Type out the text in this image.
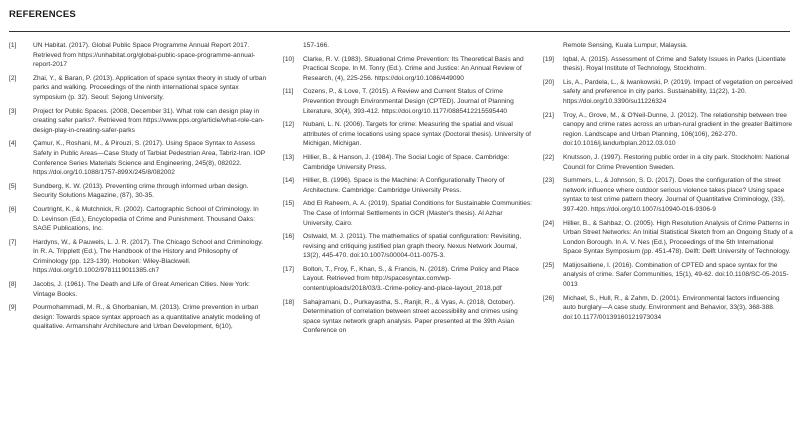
REFERENCES
[1]	UN Habitat. (2017). Global Public Space Programme Annual Report 2017. Retrieved from https://unhabitat.org/global-public-space-programme-annual-report-2017
[2]	Zhai, Y., & Baran, P. (2013). Application of space syntax theory in study of urban parks and walking. Proceedings of the ninth international space syntax symposium (p. 32). Seoul: Sejong University.
[3]	Project for Public Spaces. (2008, December 31). What role can design play in creating safer parks?. Retrieved from https://www.pps.org/article/what-role-can-design-play-in-creating-safer-parks
[4]	Çamur, K., Roshani, M., & Pirouzi, S. (2017). Using Space Syntax to Assess Safety in Public Areas—Case Study of Tarbiat Pedestrian Area, Tabriz-Iran. IOP Conference Series Materials Science and Engineering, 245(8), 082022. https://doi.org/10.1088/1757-899X/245/8/082002
[5]	Sundberg, K. W. (2013). Preventing crime through informed urban design. Security Solutions Magazine, (87), 30-35.
[6]	Courtright, K., & Mutchnick, R. (2002). Cartographic School of Criminology. In D. Levinson (Ed.), Encyclopedia of Crime and Punishment. Thousand Oaks: SAGE Publications, Inc.
[7]	Hardyns, W., & Pauwels, L. J. R. (2017). The Chicago School and Criminology. In R. A. Tripplett (Ed.), The Handbook of the History and Philosophy of Criminology (pp. 123-139). Hoboken: Wiley-Blackwell. https://doi.org/10.1002/9781119011385.ch7
[8]	Jacobs, J. (1961). The Death and Life of Great American Cities. New York: Vintage Books.
[9]	Pourmohammadi, M. R., & Ghorbanian, M. (2013). Crime prevention in urban design: Towards space syntax approach as a quantitative analytic modeling of qualitative. Armanshahr Architecture and Urban Development, 6(10),
157-166.
[10] Clarke, R. V. (1983). Situational Crime Prevention: Its Theoretical Basis and Practical Scope. In M. Tonry (Ed.). Crime and Justice: An Annual Review of Research, (4), 225-256. https://doi.org/10.1086/449090
[11] Cozens, P., & Love, T. (2015). A Review and Current Status of Crime Prevention through Environmental Design (CPTED). Journal of Planning Literature, 30(4), 393-412. https://doi.org/10.1177/0885412215595440
[12] Nubani, L. N. (2006). Targets for crime: Measuring the spatial and visual attributes of crime locations using space syntax (Doctoral thesis). University of Michigan, Michigan.
[13] Hillier, B., & Hanson, J. (1984). The Social Logic of Space. Cambridge: Cambridge University Press.
[14] Hillier, B. (1996). Space is the Machine: A Configurationally Theory of Architecture. Cambridge: Cambridge University Press.
[15] Abd El Raheem, A. A. (2019). Spatial Conditions for Sustainable Communities: The Case of Informal Settlements in GCR (Master's thesis). Al Azhar University, Cairo.
[16] Ostwald, M. J. (2011). The mathematics of spatial configuration: Revisiting, revising and critiquing justified plan graph theory. Nexus Network Journal, 13(2), 445-470. doi:10.1007/s00004-011-0075-3.
[17] Bolton, T., Froy, F., Khan, S., & Francis, N. (2018). Crime Policy and Place Layout. Retrieved from http://spacesyntax.com/wp-content/uploads/2018/03/3.-Crime-policy-and-place-layout_2018.pdf
[18] Sahajramani, D., Purkayastha, S., Ranjit, R., & Vyas, A. (2018, October). Determination of correlation between street accessibility and crimes using space syntax network graph analysis. Paper presented at the 39th Asian Conference on
Remote Sensing, Kuala Lumpur, Malaysia.
[19] Iqbal, A. (2015). Assessment of Crime and Safety Issues in Parks (Licentiate thesis). Royal Institute of Technology, Stockholm.
[20] Lis, A., Pardela, L., & Iwankowski, P. (2019). Impact of vegetation on perceived safety and preference in city parks. Sustainability, 11(22), 1-20. https://doi.org/10.3390/su11226324
[21] Troy, A., Grove, M., & O'Neil-Dunne, J. (2012). The relationship between tree canopy and crime rates across an urban-rural gradient in the greater Baltimore region. Landscape and Urban Planning, 106(106), 262-270. doi:10.1016/j.landurbplan.2012.03.010
[22] Knutsson, J. (1997). Restoring public order in a city park. Stockholm: National Council for Crime Prevention Sweden.
[23] Summers, L., & Johnson, S. D. (2017). Does the configuration of the street network influence where outdoor serious violence takes place? Using space syntax to test crime pattern theory. Journal of Quantitative Criminology, (33), 397-420. https://doi.org/10.1007/s10940-016-9306-9
[24] Hillier, B., & Sahbaz, O. (2005). High Resolution Analysis of Crime Patterns in Urban Street Networks: An Initial Statistical Sketch from an Ongoing Study of a London Borough. In A. V. Nes (Ed.), Proceedings of the 5th International Space Syntax Symposium (pp. 451-478). Delft: Delft University of Technology.
[25] Matijosaitiene, I. (2016). Combination of CPTED and space syntax for the analysis of crime. Safer Communities, 15(1), 49-62. doi:10.1108/SC-05-2015-0013
[26] Michael, S., Hull, R., & Zahm, D. (2001). Environmental factors influencing auto burglary—A case study. Environment and Behavior, 33(3), 368-388. doi:10.1177/00139160121973034
